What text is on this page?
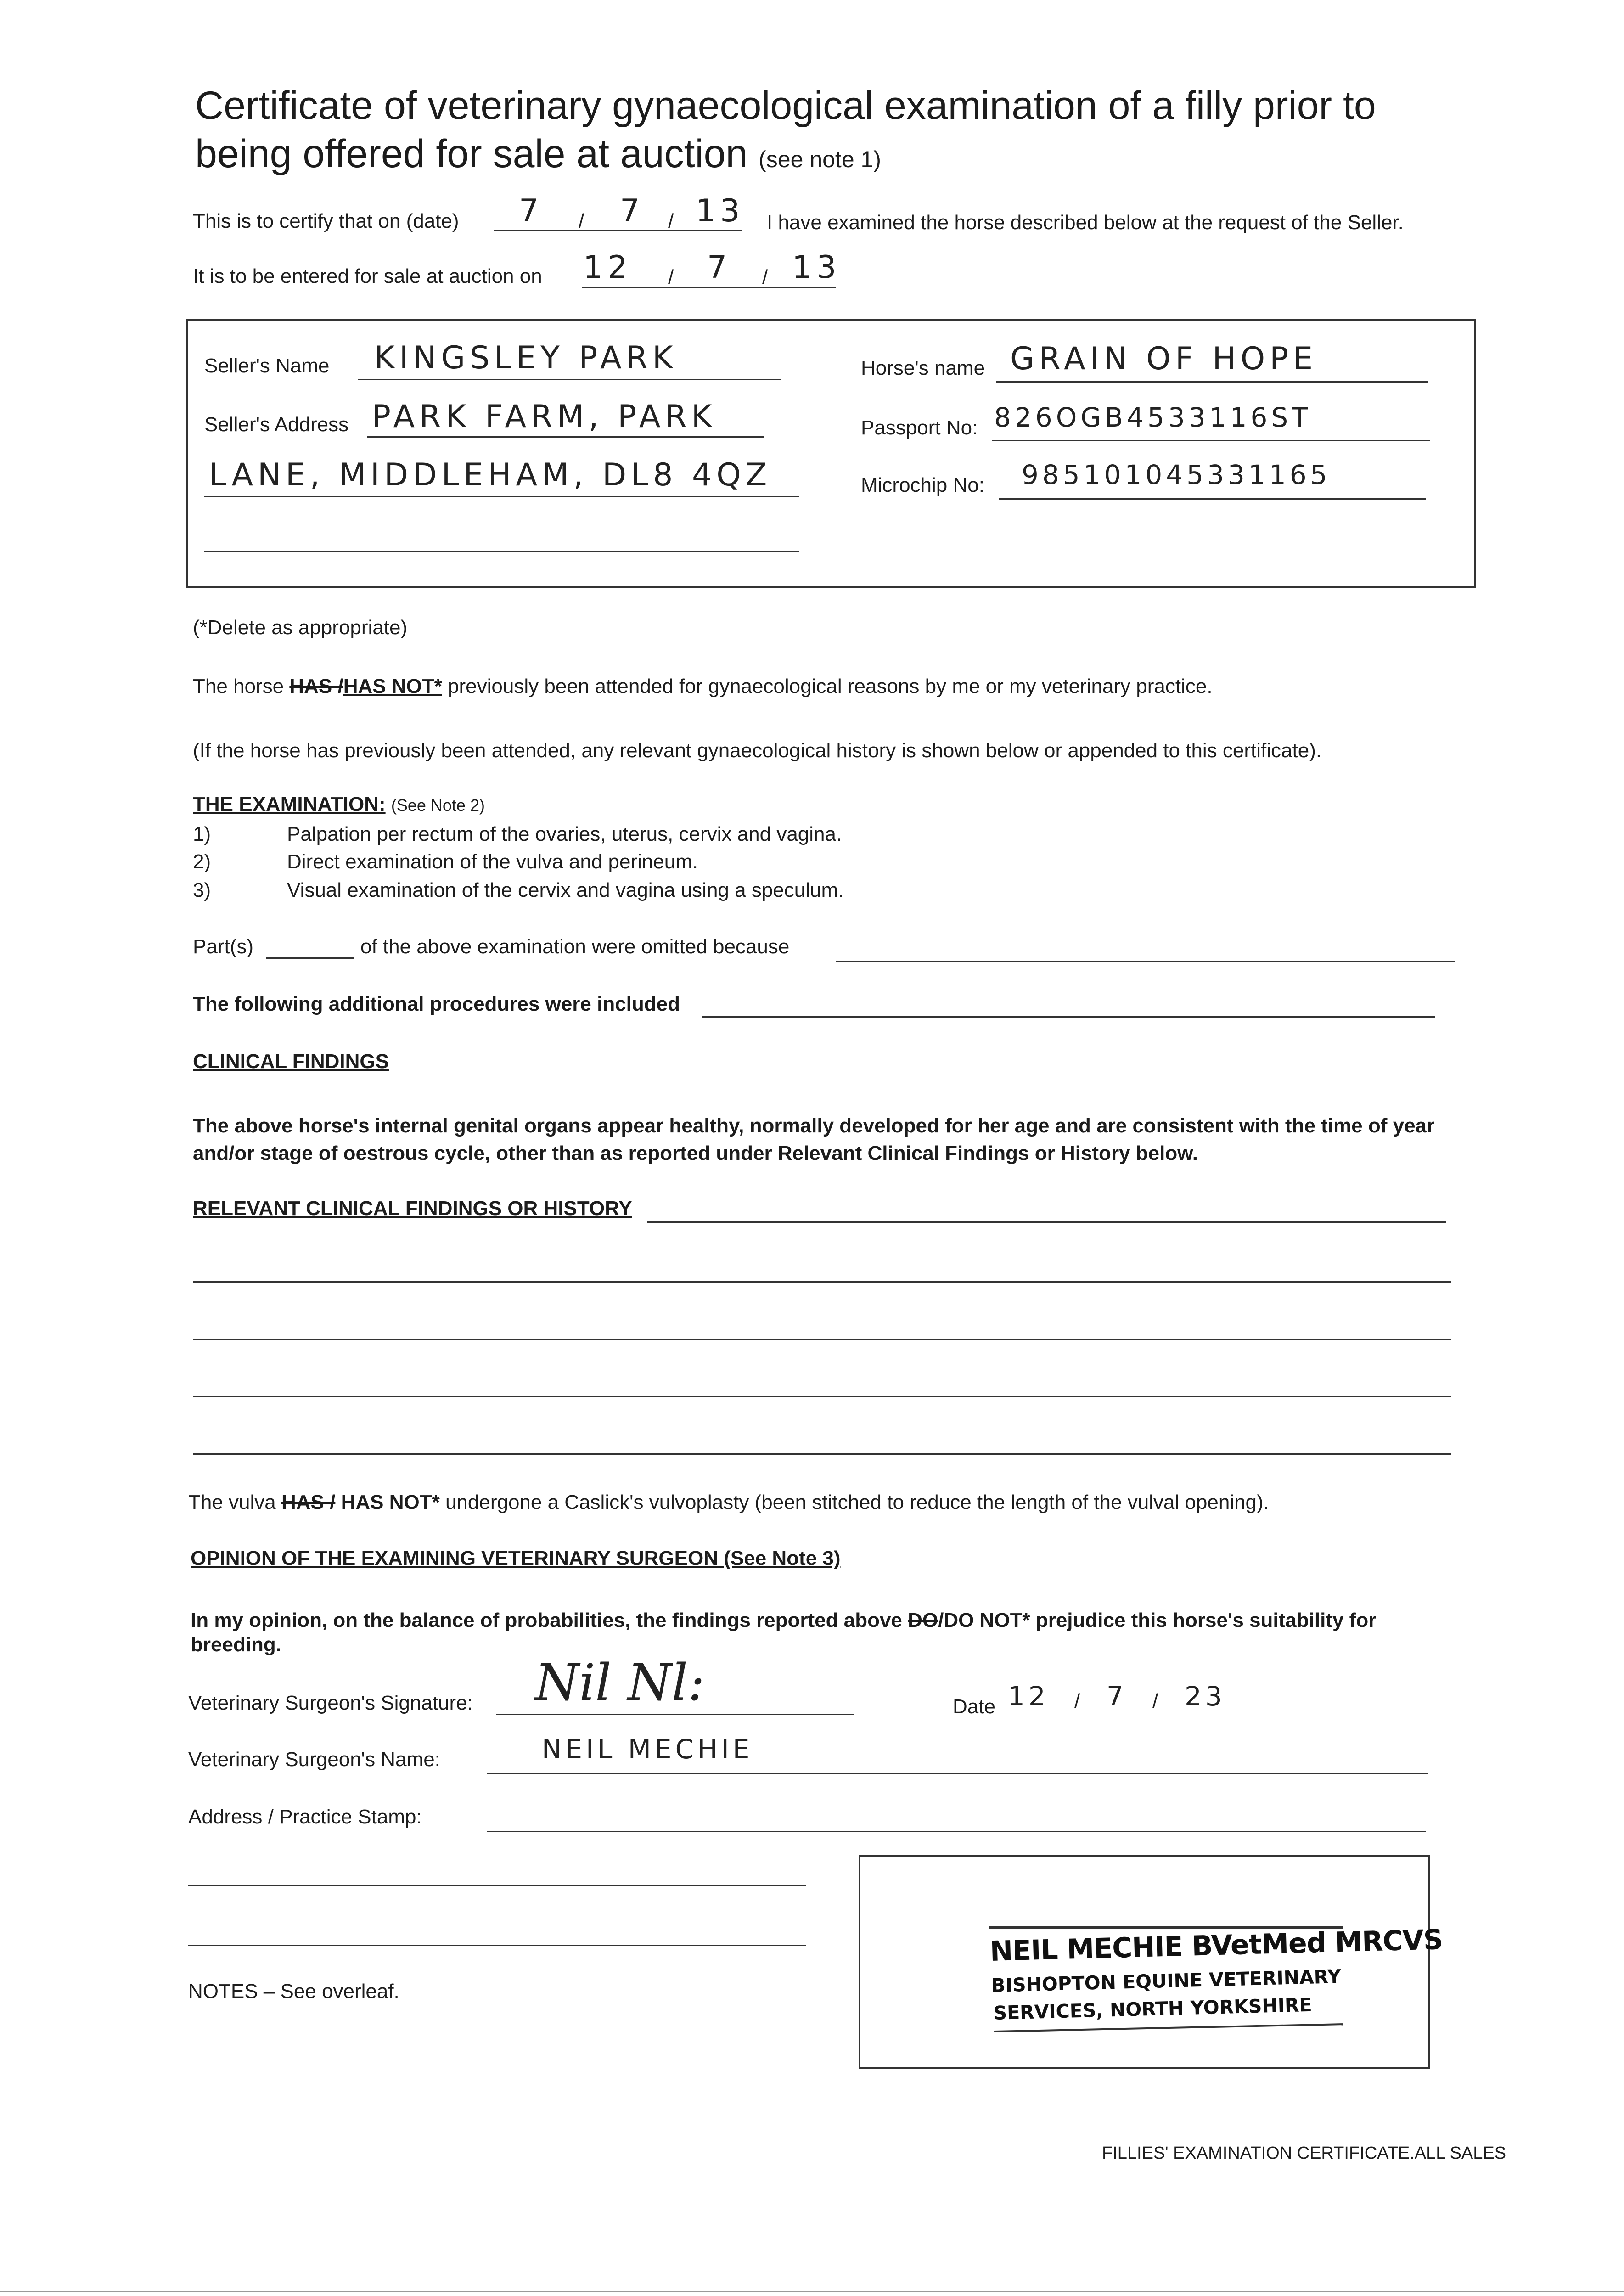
Certificate of veterinary gynaecological examination of a filly prior to
being offered for sale at auction (see note 1)
This is to certify that on (date) 7 / 7 / 13 I have examined the horse described below at the request of the Seller.
It is to be entered for sale at auction on 12 / 7 / 13
Seller's Name KINGSLEY PARK
Seller's Address PARK FARM, PARK
LANE, MIDDLEHAM, DL8 4QZ
Horse's name GRAIN OF HOPE
Passport No: 826OGB4533116ST
Microchip No: 985101045331165
(*Delete as appropriate)
The horse HAS /HAS NOT* previously been attended for gynaecological reasons by me or my veterinary practice.
(If the horse has previously been attended, any relevant gynaecological history is shown below or appended to this certificate).
THE EXAMINATION: (See Note 2)
1)	Palpation per rectum of the ovaries, uterus, cervix and vagina.
2)	Direct examination of the vulva and perineum.
3)	Visual examination of the cervix and vagina using a speculum.
Part(s)	of the above examination were omitted because
The following additional procedures were included
CLINICAL FINDINGS
The above horse's internal genital organs appear healthy, normally developed for her age and are consistent with the time of year
and/or stage of oestrous cycle, other than as reported under Relevant Clinical Findings or History below.
RELEVANT CLINICAL FINDINGS OR HISTORY
The vulva HAS / HAS NOT* undergone a Caslick's vulvoplasty (been stitched to reduce the length of the vulval opening).
OPINION OF THE EXAMINING VETERINARY SURGEON (See Note 3)
In my opinion, on the balance of probabilities, the findings reported above DO/DO NOT* prejudice this horse's suitability for
breeding.
Veterinary Surgeon's Signature: Nil Nl:	Date 12 / 7 / 23
Veterinary Surgeon's Name:	NEIL MECHIE
Address / Practice Stamp:
NEIL MECHIE BVetMed MRCVS
BISHOPTON EQUINE VETERINARY
SERVICES, NORTH YORKSHIRE
NOTES – See overleaf.
FILLIES' EXAMINATION CERTIFICATE.ALL SALES
